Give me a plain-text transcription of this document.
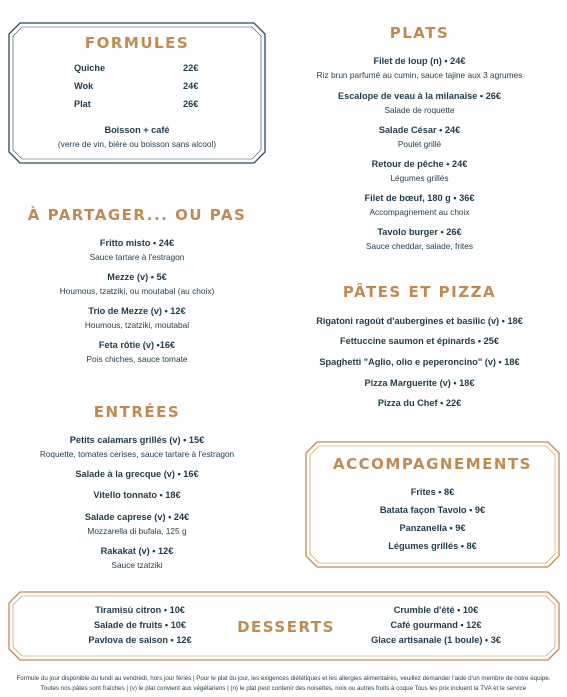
FORMULES
Quiche	22€
Wok	24€
Plat	26€
Boisson + café
(verre de vin, bière ou boisson sans alcool)
À PARTAGER... OU PAS
Fritto misto • 24€
Sauce tartare à l'estragon
Mezze (v) • 5€
Houmous, tzatziki, ou moutabal (au choix)
Trio de Mezze (v) • 12€
Houmous, tzatziki, moutabal
Feta rôtie (v) •16€
Pois chiches, sauce tomate
ENTRÉES
Petits calamars grillés (v) • 15€
Roquette, tomates cerises, sauce tartare à l'estragon
Salade à la grecque (v) • 16€
Vitello tonnato • 18€
Salade caprese (v) • 24€
Mozzarella di bufala, 125 g
Rakakat (v) • 12€
Sauce tzatziki
PLATS
Filet de loup (n) • 24€
Riz brun parfumé au cumin, sauce tajine aux 3 agrumes
Escalope de veau à la milanaise • 26€
Salade de roquette
Salade César • 24€
Poulet grillé
Retour de pêche • 24€
Légumes grillés
Filet de bœuf, 180 g • 36€
Accompagnement au choix
Tavolo burger • 26€
Sauce cheddar, salade, frites
PÂTES ET PIZZA
Rigatoni ragoût d'aubergines et basilic (v) • 18€
Fettuccine saumon et épinards • 25€
Spaghetti "Aglio, olio e peperoncino" (v) • 18€
Pizza Marguerite (v) • 18€
Pizza du Chef • 22€
ACCOMPAGNEMENTS
Frites • 8€
Batata façon Tavolo • 9€
Panzanella • 9€
Légumes grillés • 8€
DESSERTS
Tiramisù citron • 10€
Salade de fruits • 10€
Pavlova de saison • 12€
Crumble d'été • 10€
Café gourmand • 12€
Glace artisanale (1 boule) • 3€
Formule du jour disponible du lundi au vendredi, hors jour fériés | Pour le plat du jour, les exigences diététiques et les allergies alimentaires, veuillez demander l'aide d'un membre de notre équipe.
Toutes nos pâtes sont fraîches | (v) le plat convient aux végétariens | (n) le plat peut contenir des noisettes, noix ou autres fruits à coque Tous les prix incluent la TVA et le service
